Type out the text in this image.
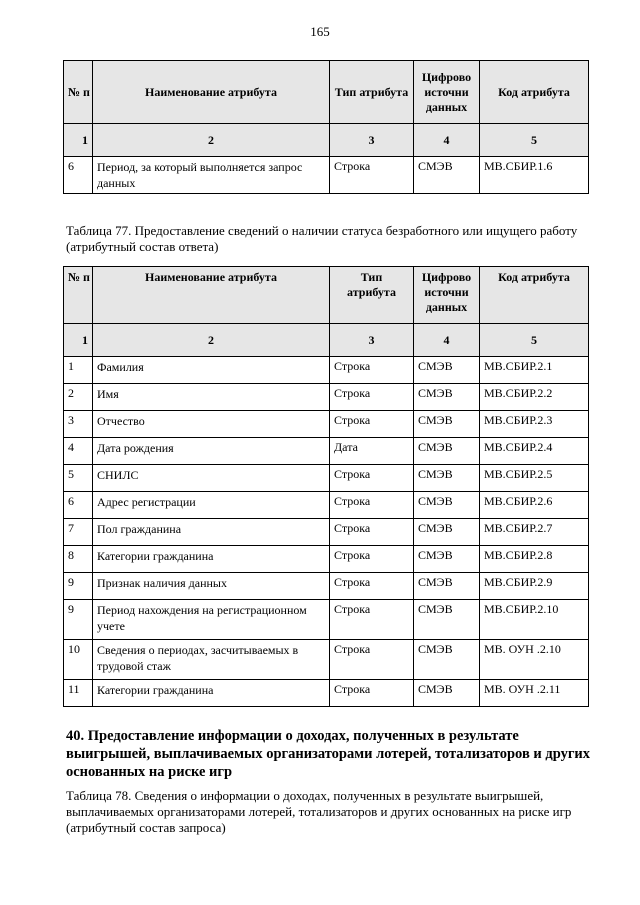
165
№ п	Наименование атрибута	Тип атрибута	Цифрово
источни
данных	Код атрибута
1	2	3	4	5
6	Период, за который выполняется запрос данных	Строка	СМЭВ	МВ.СБИР.1.6
Таблица 77. Предоставление сведений о наличии статуса безработного или ищущего работу (атрибутный состав ответа)
№ п	Наименование атрибута	Тип
атрибута	Цифрово
источни
данных	Код атрибута
1	2	3	4	5
1	Фамилия	Строка	СМЭВ	МВ.СБИР.2.1
2	Имя	Строка	СМЭВ	МВ.СБИР.2.2
3	Отчество	Строка	СМЭВ	МВ.СБИР.2.3
4	Дата рождения	Дата	СМЭВ	МВ.СБИР.2.4
5	СНИЛС	Строка	СМЭВ	МВ.СБИР.2.5
6	Адрес регистрации	Строка	СМЭВ	МВ.СБИР.2.6
7	Пол гражданина	Строка	СМЭВ	МВ.СБИР.2.7
8	Категории гражданина	Строка	СМЭВ	МВ.СБИР.2.8
9	Признак наличия данных	Строка	СМЭВ	МВ.СБИР.2.9
9	Период нахождения на регистрационном учете	Строка	СМЭВ	МВ.СБИР.2.10
10	Сведения о периодах, засчитываемых в трудовой стаж	Строка	СМЭВ	МВ. ОУН .2.10
11	Категории гражданина	Строка	СМЭВ	МВ. ОУН .2.11
40. Предоставление информации о доходах, полученных в результате выигрышей, выплачиваемых организаторами лотерей, тотализаторов и других основанных на риске игр
Таблица 78. Сведения о информации о доходах, полученных в результате выигрышей, выплачиваемых организаторами лотерей, тотализаторов и других основанных на риске игр (атрибутный состав запроса)
